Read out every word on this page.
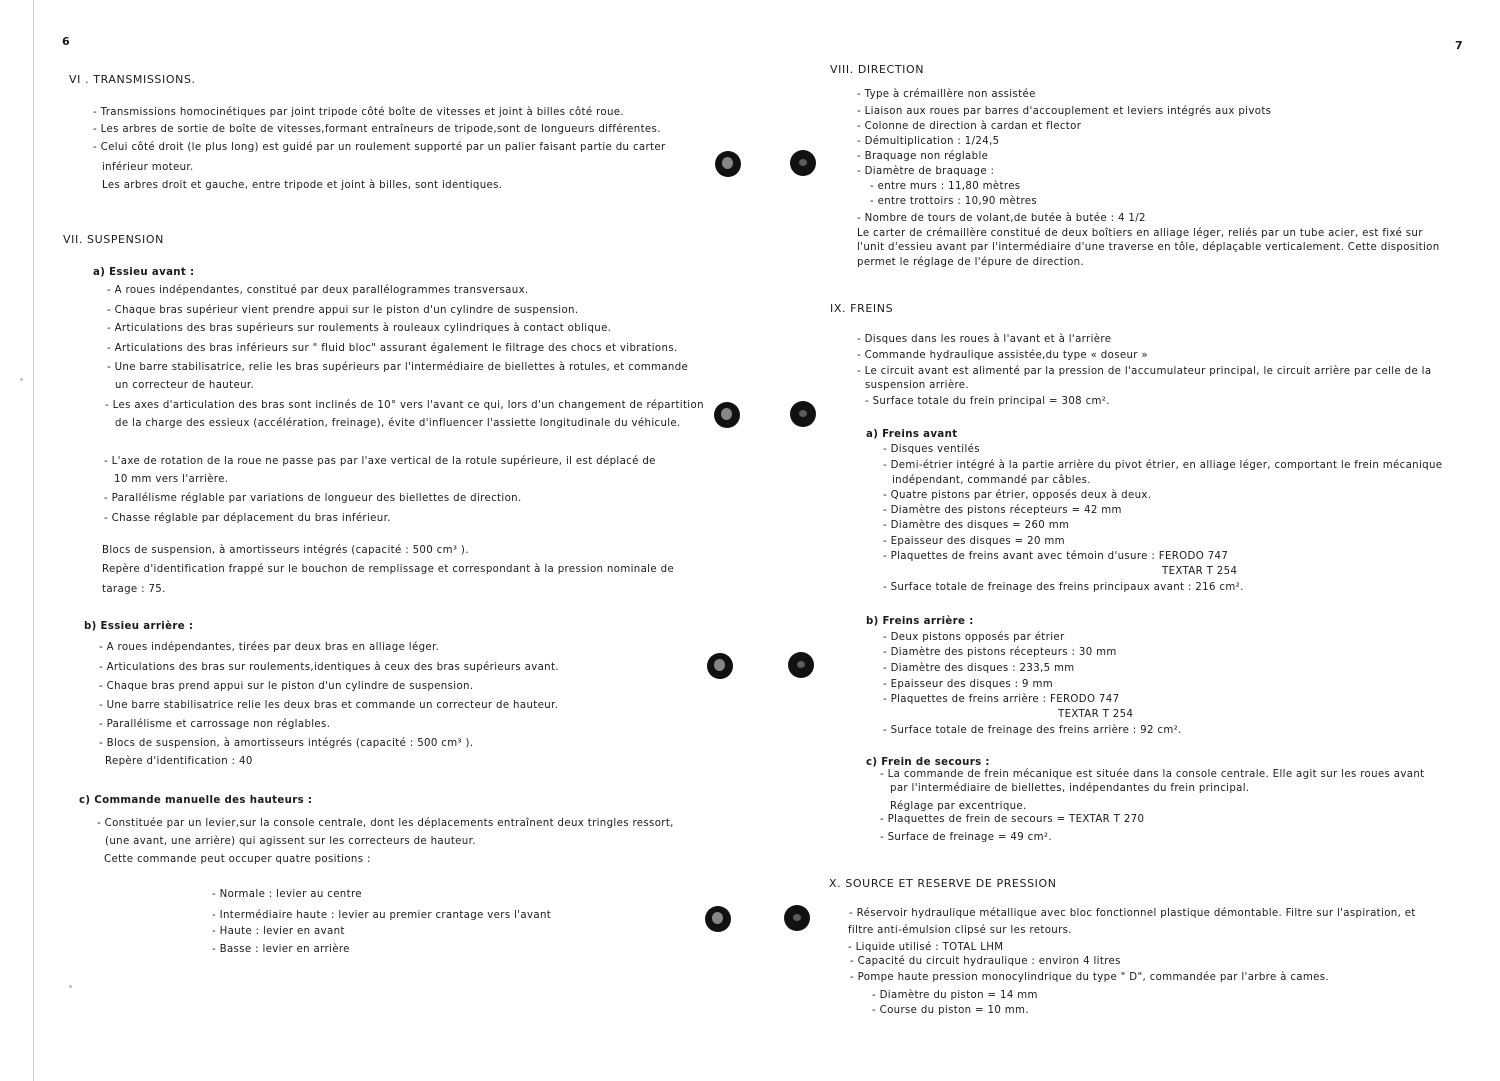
6
VI . TRANSMISSIONS.
- Transmissions homocinétiques par joint tripode côté boîte de vitesses et joint à billes côté roue.
- Les arbres de sortie de boîte de vitesses,formant entraîneurs de tripode,sont de longueurs différentes.
- Celui côté droit (le plus long) est guidé par un roulement supporté par un palier faisant partie du carter
inférieur moteur.
Les arbres droit et gauche, entre tripode et joint à billes, sont identiques.
VII. SUSPENSION
a) Essieu avant :
- A roues indépendantes, constitué par deux parallélogrammes transversaux.
- Chaque bras supérieur vient prendre appui sur le piston d'un cylindre de suspension.
- Articulations des bras supérieurs sur roulements à rouleaux cylindriques à contact oblique.
- Articulations des bras inférieurs sur " fluid bloc" assurant également le filtrage des chocs et vibrations.
- Une barre stabilisatrice, relie les bras supérieurs par l'intermédiaire de biellettes à rotules, et commande
un correcteur de hauteur.
- Les axes d'articulation des bras sont inclinés de 10° vers l'avant ce qui, lors d'un changement de répartition
de la charge des essieux (accélération, freinage), évite d'influencer l'assiette longitudinale du véhicule.
- L'axe de rotation de la roue ne passe pas par l'axe vertical de la rotule supérieure, il est déplacé de
10 mm vers l'arrière.
- Parallélisme réglable par variations de longueur des biellettes de direction.
- Chasse réglable par déplacement du bras inférieur.
Blocs de suspension, à amortisseurs intégrés (capacité : 500 cm³ ).
Repère d'identification frappé sur le bouchon de remplissage et correspondant à la pression nominale de
tarage : 75.
b) Essieu arrière :
- A roues indépendantes, tirées par deux bras en alliage léger.
- Articulations des bras sur roulements,identiques à ceux des bras supérieurs avant.
- Chaque bras prend appui sur le piston d'un cylindre de suspension.
- Une barre stabilisatrice relie les deux bras et commande un correcteur de hauteur.
- Parallélisme et carrossage non réglables.
- Blocs de suspension, à amortisseurs intégrés (capacité : 500 cm³ ).
Repère d'identification : 40
c) Commande manuelle des hauteurs :
- Constituée par un levier,sur la console centrale, dont les déplacements entraînent deux tringles ressort,
(une avant, une arrière) qui agissent sur les correcteurs de hauteur.
Cette commande peut occuper quatre positions :
- Normale : levier au centre
- Intermédiaire haute : levier au premier crantage vers l'avant
- Haute : levier en avant
- Basse : levier en arrière
7
VIII. DIRECTION
- Type à crémaillère non assistée
- Liaison aux roues par barres d'accouplement et leviers intégrés aux pivots
- Colonne de direction à cardan et flector
- Démultiplication : 1/24,5
- Braquage non réglable
- Diamètre de braquage :
- entre murs : 11,80 mètres
- entre trottoirs : 10,90 mètres
- Nombre de tours de volant,de butée à butée : 4 1/2
Le carter de crémaillère constitué de deux boîtiers en alliage léger, reliés par un tube acier, est fixé sur
l'unit d'essieu avant par l'intermédiaire d'une traverse en tôle, déplaçable verticalement. Cette disposition
permet le réglage de l'épure de direction.
IX. FREINS
- Disques dans les roues à l'avant et à l'arrière
- Commande hydraulique assistée,du type « doseur »
- Le circuit avant est alimenté par la pression de l'accumulateur principal, le circuit arrière par celle de la
suspension arrière.
- Surface totale du frein principal = 308 cm².
a) Freins avant
- Disques ventilés
- Demi-étrier intégré à la partie arrière du pivot étrier, en alliage léger, comportant le frein mécanique
indépendant, commandé par câbles.
- Quatre pistons par étrier, opposés deux à deux.
- Diamètre des pistons récepteurs = 42 mm
- Diamètre des disques = 260 mm
- Epaisseur des disques = 20 mm
- Plaquettes de freins avant avec témoin d'usure : FERODO 747
TEXTAR T 254
- Surface totale de freinage des freins principaux avant : 216 cm².
b) Freins arrière :
- Deux pistons opposés par étrier
- Diamètre des pistons récepteurs : 30 mm
- Diamètre des disques : 233,5 mm
- Epaisseur des disques : 9 mm
- Plaquettes de freins arrière : FERODO 747
TEXTAR T 254
- Surface totale de freinage des freins arrière : 92 cm².
c) Frein de secours :
- La commande de frein mécanique est située dans la console centrale. Elle agit sur les roues avant
par l'intermédiaire de biellettes, indépendantes du frein principal.
Réglage par excentrique.
- Plaquettes de frein de secours = TEXTAR T 270
- Surface de freinage = 49 cm².
X. SOURCE ET RESERVE DE PRESSION
- Réservoir hydraulique métallique avec bloc fonctionnel plastique démontable. Filtre sur l'aspiration, et
filtre anti-émulsion clipsé sur les retours.
- Liquide utilisé : TOTAL LHM
- Capacité du circuit hydraulique : environ 4 litres
- Pompe haute pression monocylindrique du type " D", commandée par l'arbre à cames.
- Diamètre du piston = 14 mm
- Course du piston = 10 mm.
